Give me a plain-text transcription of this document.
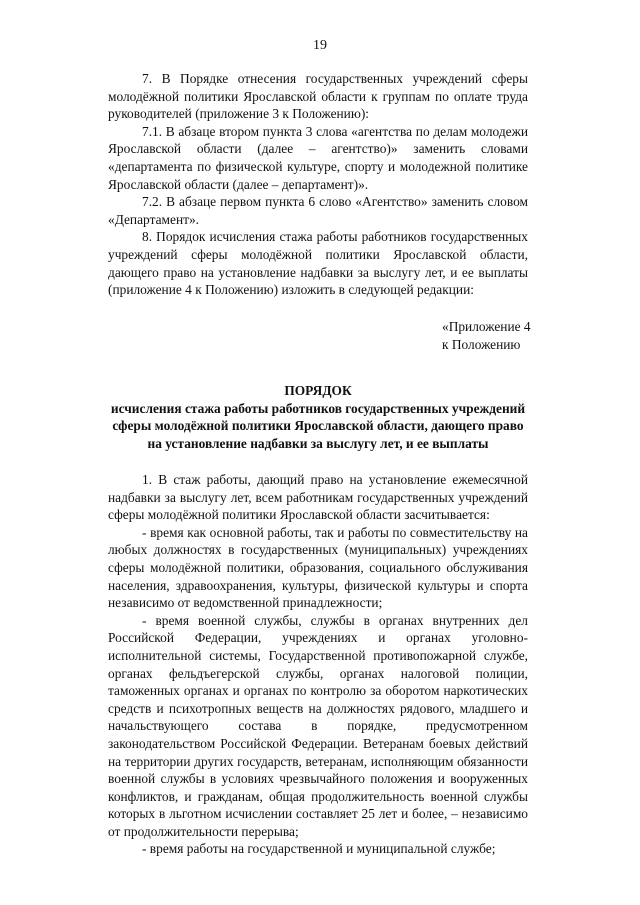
19

7. В Порядке отнесения государственных учреждений сферы молодёжной политики Ярославской области к группам по оплате труда руководителей (приложение 3 к Положению):

7.1. В абзаце втором пункта 3 слова «агентства по делам молодежи Ярославской области (далее – агентство)» заменить словами «департамента по физической культуре, спорту и молодежной политике Ярославской области (далее – департамент)».

7.2. В абзаце первом пункта 6 слово «Агентство» заменить словом «Департамент».

8. Порядок исчисления стажа работы работников государственных учреждений сферы молодёжной политики Ярославской области, дающего право на установление надбавки за выслугу лет, и ее выплаты (приложение 4 к Положению) изложить в следующей редакции:

«Приложение 4
к Положению
ПОРЯДОК
исчисления стажа работы работников государственных учреждений сферы молодёжной политики Ярославской области, дающего право на установление надбавки за выслугу лет, и ее выплаты

1. В стаж работы, дающий право на установление ежемесячной надбавки за выслугу лет, всем работникам государственных учреждений сферы молодёжной политики Ярославской области засчитывается:

- время как основной работы, так и работы по совместительству на любых должностях в государственных (муниципальных) учреждениях сферы молодёжной политики, образования, социального обслуживания населения, здравоохранения, культуры, физической культуры и спорта независимо от ведомственной принадлежности;

- время военной службы, службы в органах внутренних дел Российской Федерации, учреждениях и органах уголовно-исполнительной системы, Государственной противопожарной службе, органах фельдъегерской службы, органах налоговой полиции, таможенных органах и органах по контролю за оборотом наркотических средств и психотропных веществ на должностях рядового, младшего и начальствующего состава в порядке, предусмотренном законодательством Российской Федерации. Ветеранам боевых действий на территории других государств, ветеранам, исполняющим обязанности военной службы в условиях чрезвычайного положения и вооруженных конфликтов, и гражданам, общая продолжительность военной службы которых в льготном исчислении составляет 25 лет и более, – независимо от продолжительности перерыва;

- время работы на государственной и муниципальной службе;
